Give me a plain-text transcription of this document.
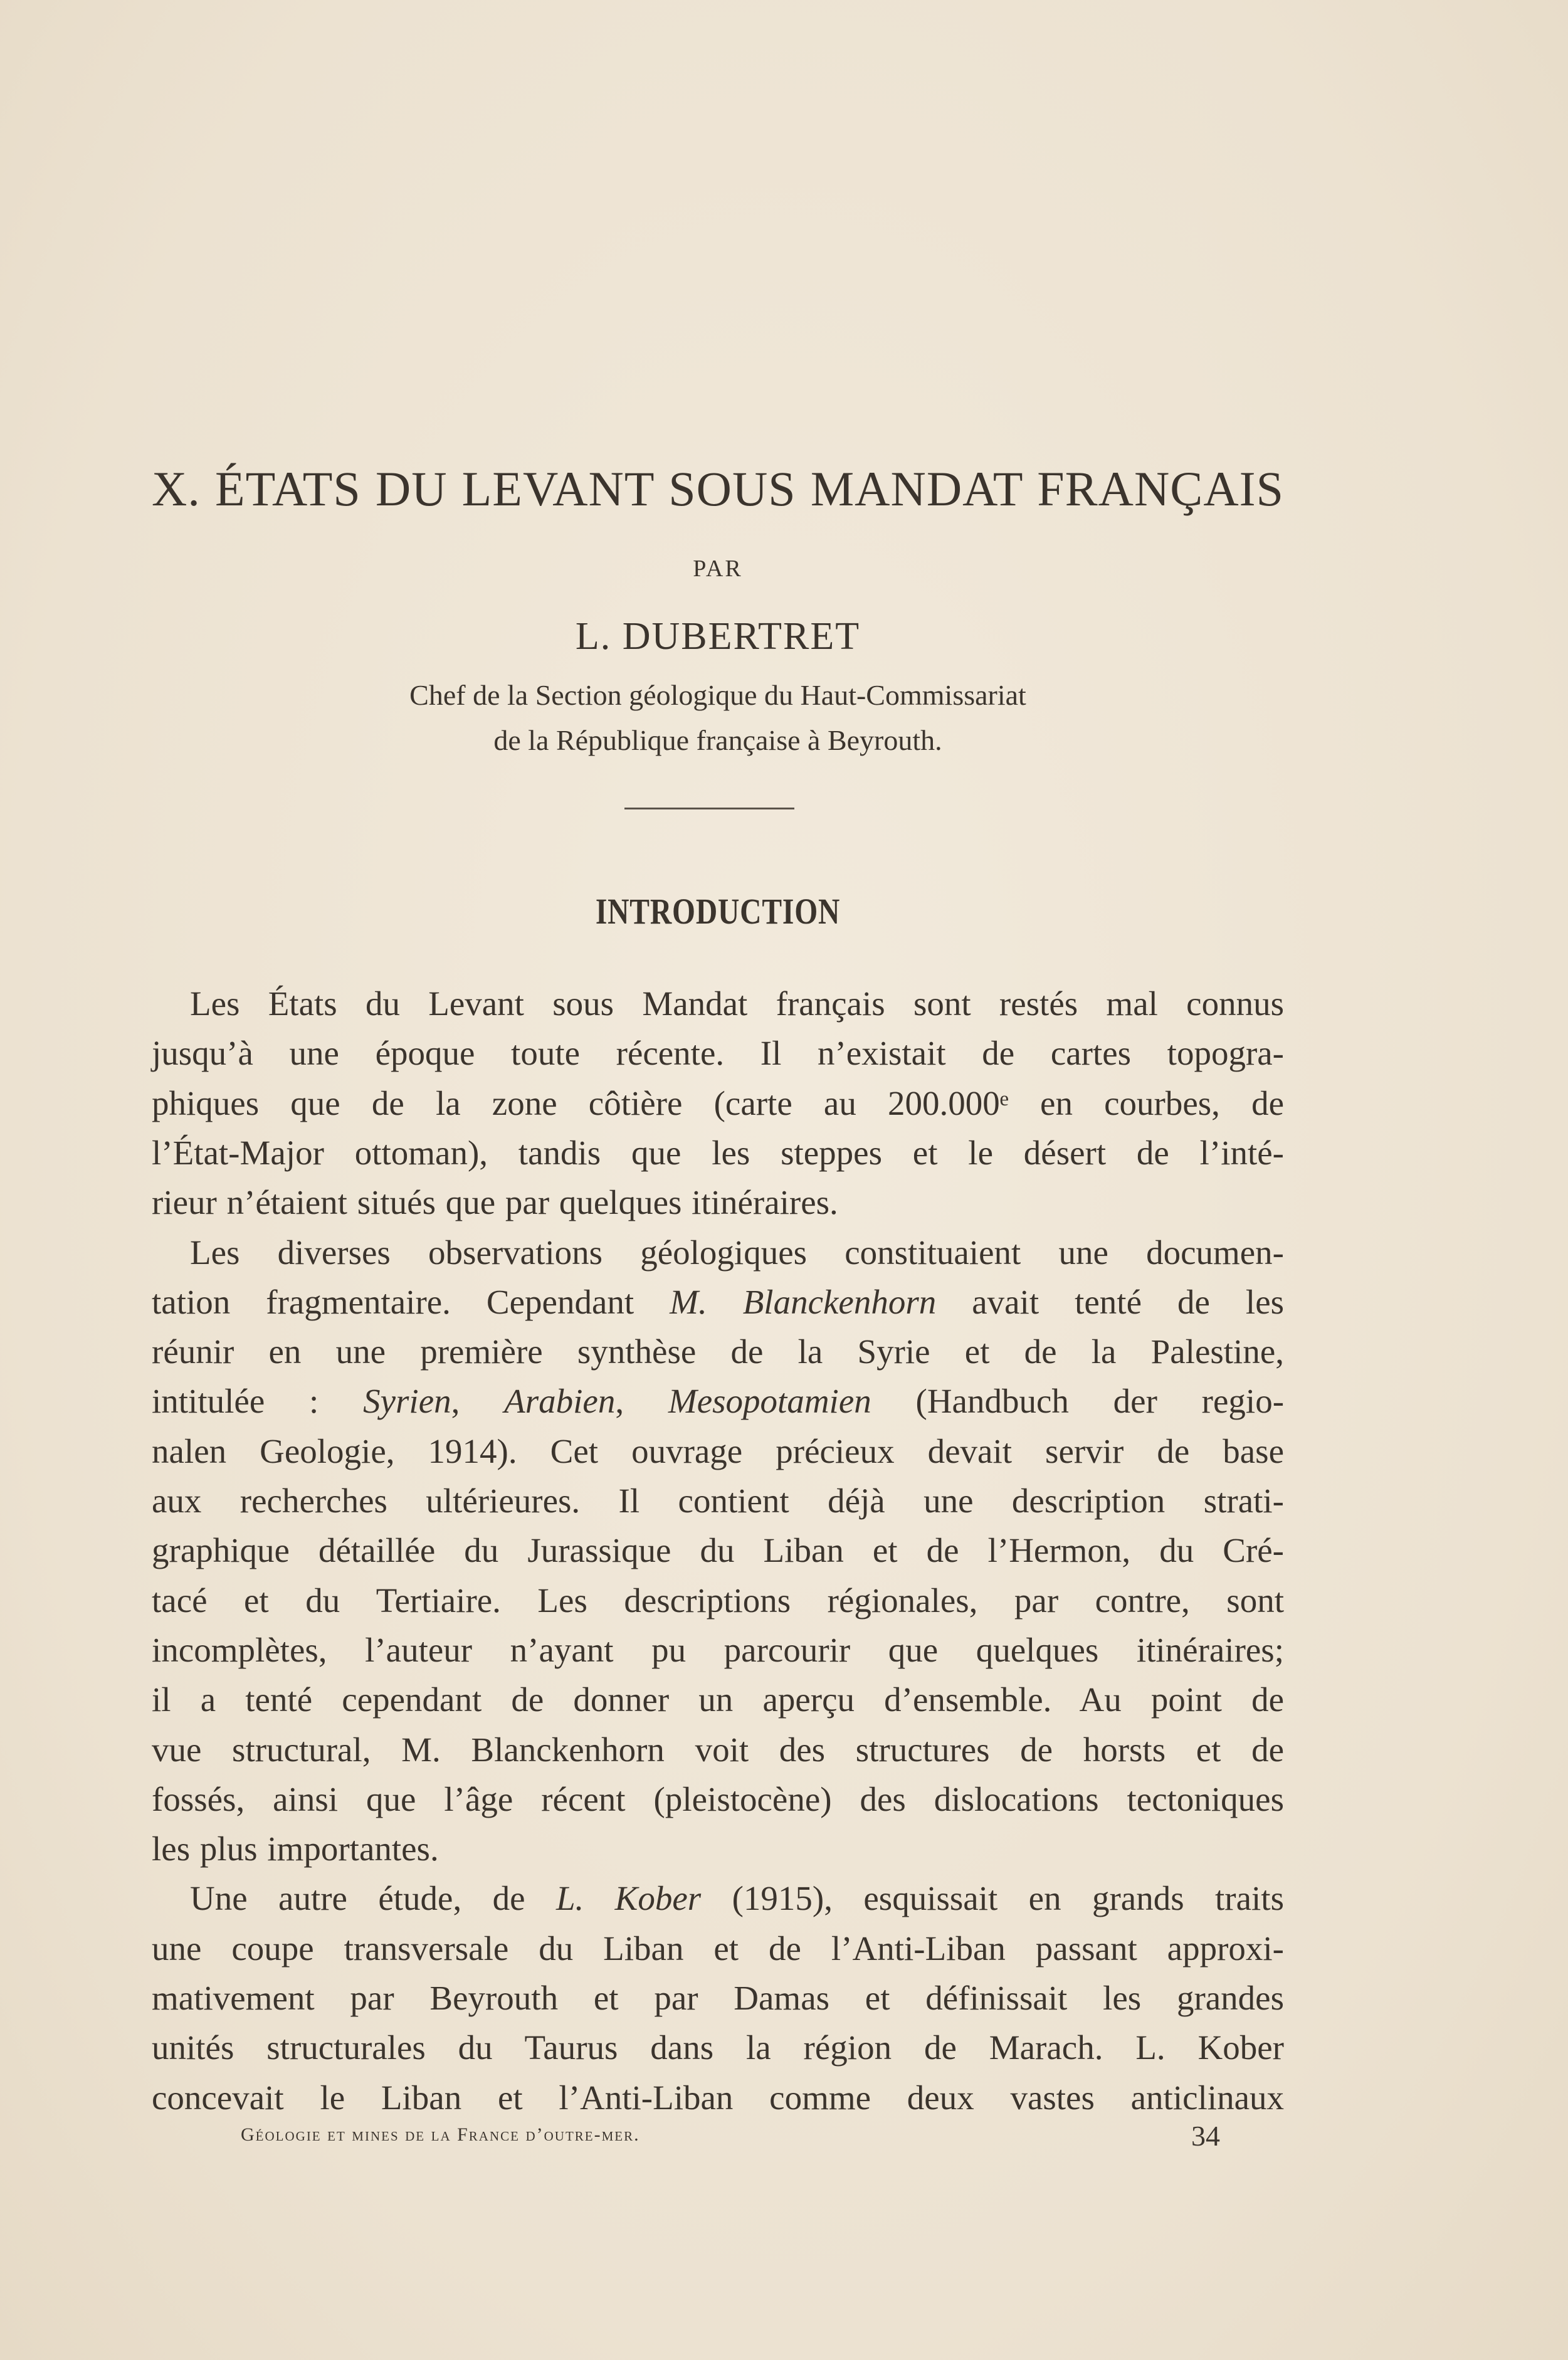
X. ÉTATS DU LEVANT SOUS MANDAT FRANÇAIS
PAR
L. DUBERTRET
Chef de la Section géologique du Haut-Commissariat
de la République française à Beyrouth.
INTRODUCTION
Les États du Levant sous Mandat français sont restés mal connus
jusqu’à une époque toute récente. Il n’existait de cartes topogra-
phiques que de la zone côtière (carte au 200.000ᵉ en courbes, de
l’État-Major ottoman), tandis que les steppes et le désert de l’inté-
rieur n’étaient situés que par quelques itinéraires.
Les diverses observations géologiques constituaient une documen-
tation fragmentaire. Cependant M. Blanckenhorn avait tenté de les
réunir en une première synthèse de la Syrie et de la Palestine,
intitulée : Syrien, Arabien, Mesopotamien (Handbuch der regio-
nalen Geologie, 1914). Cet ouvrage précieux devait servir de base
aux recherches ultérieures. Il contient déjà une description strati-
graphique détaillée du Jurassique du Liban et de l’Hermon, du Cré-
tacé et du Tertiaire. Les descriptions régionales, par contre, sont
incomplètes, l’auteur n’ayant pu parcourir que quelques itinéraires;
il a tenté cependant de donner un aperçu d’ensemble. Au point de
vue structural, M. Blanckenhorn voit des structures de horsts et de
fossés, ainsi que l’âge récent (pleistocène) des dislocations tectoniques
les plus importantes.
Une autre étude, de L. Kober (1915), esquissait en grands traits
une coupe transversale du Liban et de l’Anti-Liban passant approxi-
mativement par Beyrouth et par Damas et définissait les grandes
unités structurales du Taurus dans la région de Marach. L. Kober
concevait le Liban et l’Anti-Liban comme deux vastes anticlinaux
Géologie et mines de la France d’outre-mer.	34
